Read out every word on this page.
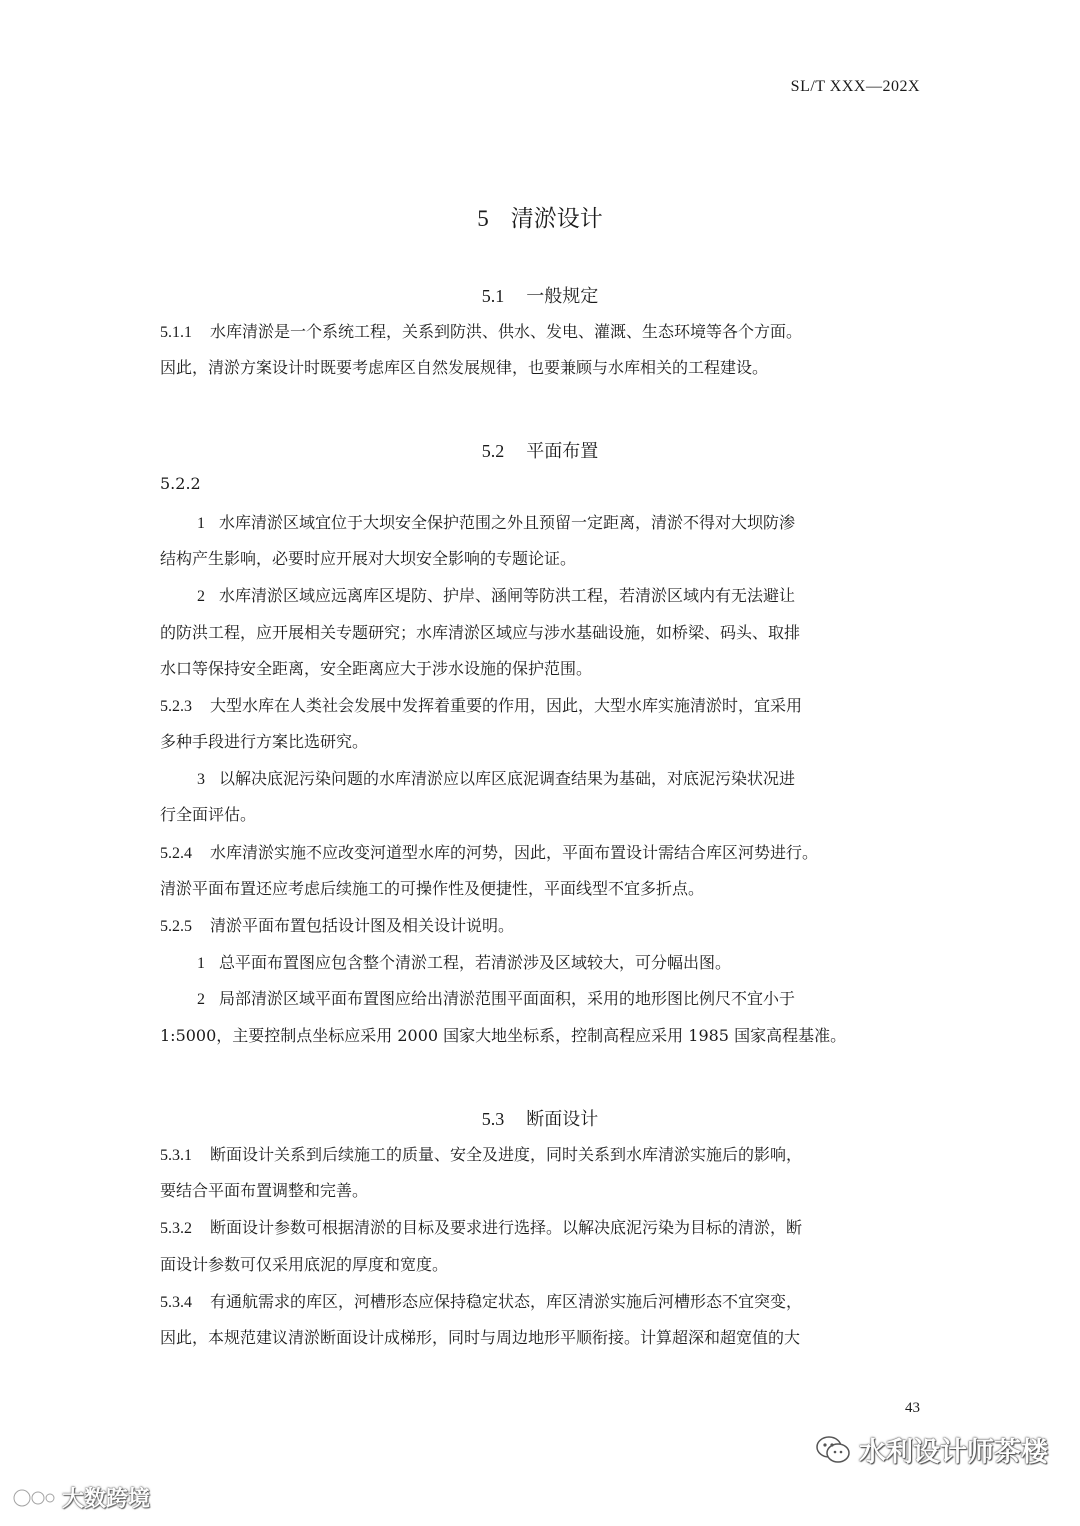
SL/T XXX—202X
5 清淤设计
5.1 一般规定
5.1.1 水库清淤是一个系统工程，关系到防洪、供水、发电、灌溉、生态环境等各个方面。
因此，清淤方案设计时既要考虑库区自然发展规律，也要兼顾与水库相关的工程建设。
5.2 平面布置
5.2.2
1 水库清淤区域宜位于大坝安全保护范围之外且预留一定距离，清淤不得对大坝防渗
结构产生影响，必要时应开展对大坝安全影响的专题论证。
2 水库清淤区域应远离库区堤防、护岸、涵闸等防洪工程，若清淤区域内有无法避让
的防洪工程，应开展相关专题研究；水库清淤区域应与涉水基础设施，如桥梁、码头、取排
水口等保持安全距离，安全距离应大于涉水设施的保护范围。
5.2.3 大型水库在人类社会发展中发挥着重要的作用，因此，大型水库实施清淤时，宜采用
多种手段进行方案比选研究。
3 以解决底泥污染问题的水库清淤应以库区底泥调查结果为基础，对底泥污染状况进
行全面评估。
5.2.4 水库清淤实施不应改变河道型水库的河势，因此，平面布置设计需结合库区河势进行。
清淤平面布置还应考虑后续施工的可操作性及便捷性，平面线型不宜多折点。
5.2.5 清淤平面布置包括设计图及相关设计说明。
1 总平面布置图应包含整个清淤工程，若清淤涉及区域较大，可分幅出图。
2 局部清淤区域平面布置图应给出清淤范围平面面积，采用的地形图比例尺不宜小于
1:5000，主要控制点坐标应采用 2000 国家大地坐标系，控制高程应采用 1985 国家高程基准。
5.3 断面设计
5.3.1 断面设计关系到后续施工的质量、安全及进度，同时关系到水库清淤实施后的影响，
要结合平面布置调整和完善。
5.3.2 断面设计参数可根据清淤的目标及要求进行选择。以解决底泥污染为目标的清淤，断
面设计参数可仅采用底泥的厚度和宽度。
5.3.4 有通航需求的库区，河槽形态应保持稳定状态，库区清淤实施后河槽形态不宜突变，
因此，本规范建议清淤断面设计成梯形，同时与周边地形平顺衔接。计算超深和超宽值的大
43
水利设计师茶楼
大数跨境
